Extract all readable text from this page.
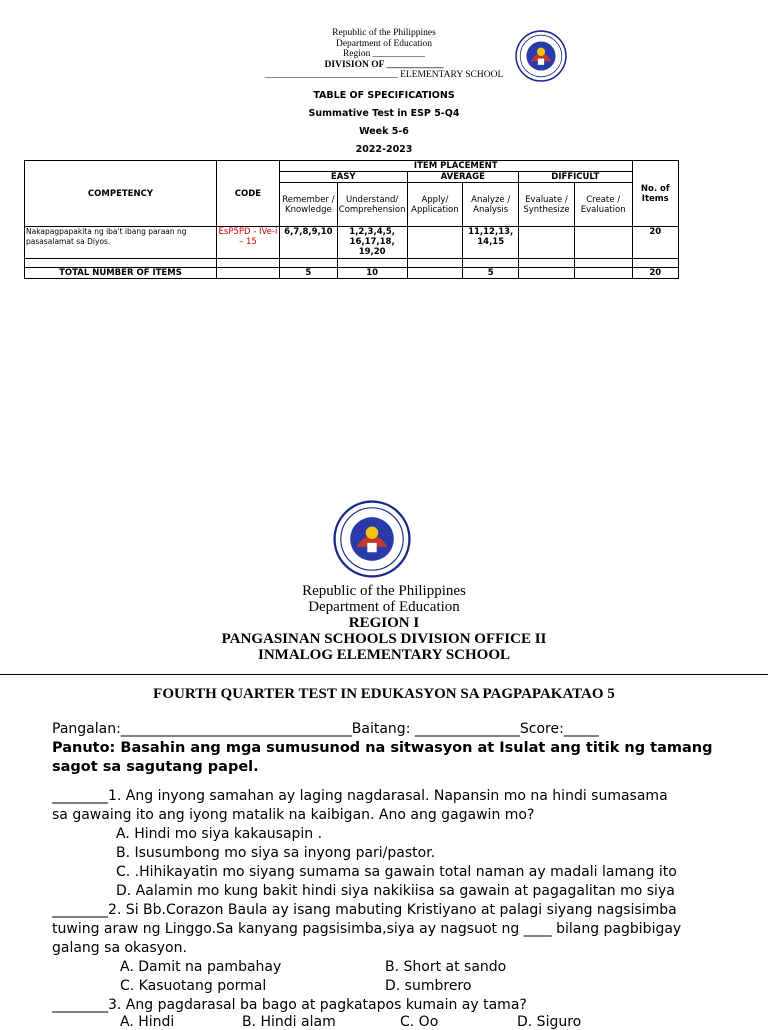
Republic of the Philippines
Department of Education
Region ___________
DIVISION OF ____________
____________________________ ELEMENTARY SCHOOL
TABLE OF SPECIFICATIONS
Summative Test in ESP 5-Q4
Week 5-6
2022-2023
COMPETENCY	CODE	ITEM PLACEMENT						No. of Items
		EASY		AVERAGE		DIFFICULT		
		Remember / Knowledge	Understand/ Comprehension	Apply/ Application	Analyze / Analysis	Evaluate / Synthesize	Create / Evaluation	
Nakapagpapakita ng iba't ibang paraan ng pasasalamat sa Diyos.	EsP5PD - IVe-i – 15	6,7,8,9,10	1,2,3,4,5, 16,17,18, 19,20		11,12,13, 14,15			20

TOTAL NUMBER OF ITEMS		5	10		5			20
Republic of the Philippines
Department of Education
REGION I
PANGASINAN SCHOOLS DIVISION OFFICE II
INMALOG ELEMENTARY SCHOOL
FOURTH QUARTER TEST IN EDUKASYON SA PAGPAPAKATAO 5
Pangalan:_________________________________Baitang: _______________Score:_____
Panuto: Basahin ang mga sumusunod na sitwasyon at Isulat ang titik ng tamang sagot sa sagutang papel.
________1. Ang inyong samahan ay laging nagdarasal. Napansin mo na hindi sumasama
sa gawaing ito ang iyong matalik na kaibigan. Ano ang gagawin mo?
A. Hindi mo siya kakausapin .
B. Isusumbong mo siya sa inyong pari/pastor.
C. .Hihikayatin mo siyang sumama sa gawain total naman ay madali lamang ito
D. Aalamin mo kung bakit hindi siya nakikiisa sa gawain at pagagalitan mo siya
________2. Si Bb.Corazon Baula ay isang mabuting Kristiyano at palagi siyang nagsisimba
tuwing araw ng Linggo.Sa kanyang pagsisimba,siya ay nagsuot ng ____ bilang pagbibigay
galang sa okasyon.
A. Damit na pambahay	B. Short at sando
C. Kasuotang pormal	D. sumbrero
________3. Ang pagdarasal ba bago at pagkatapos kumain ay tama?
A. Hindi	B. Hindi alam	C. Oo	D. Siguro
